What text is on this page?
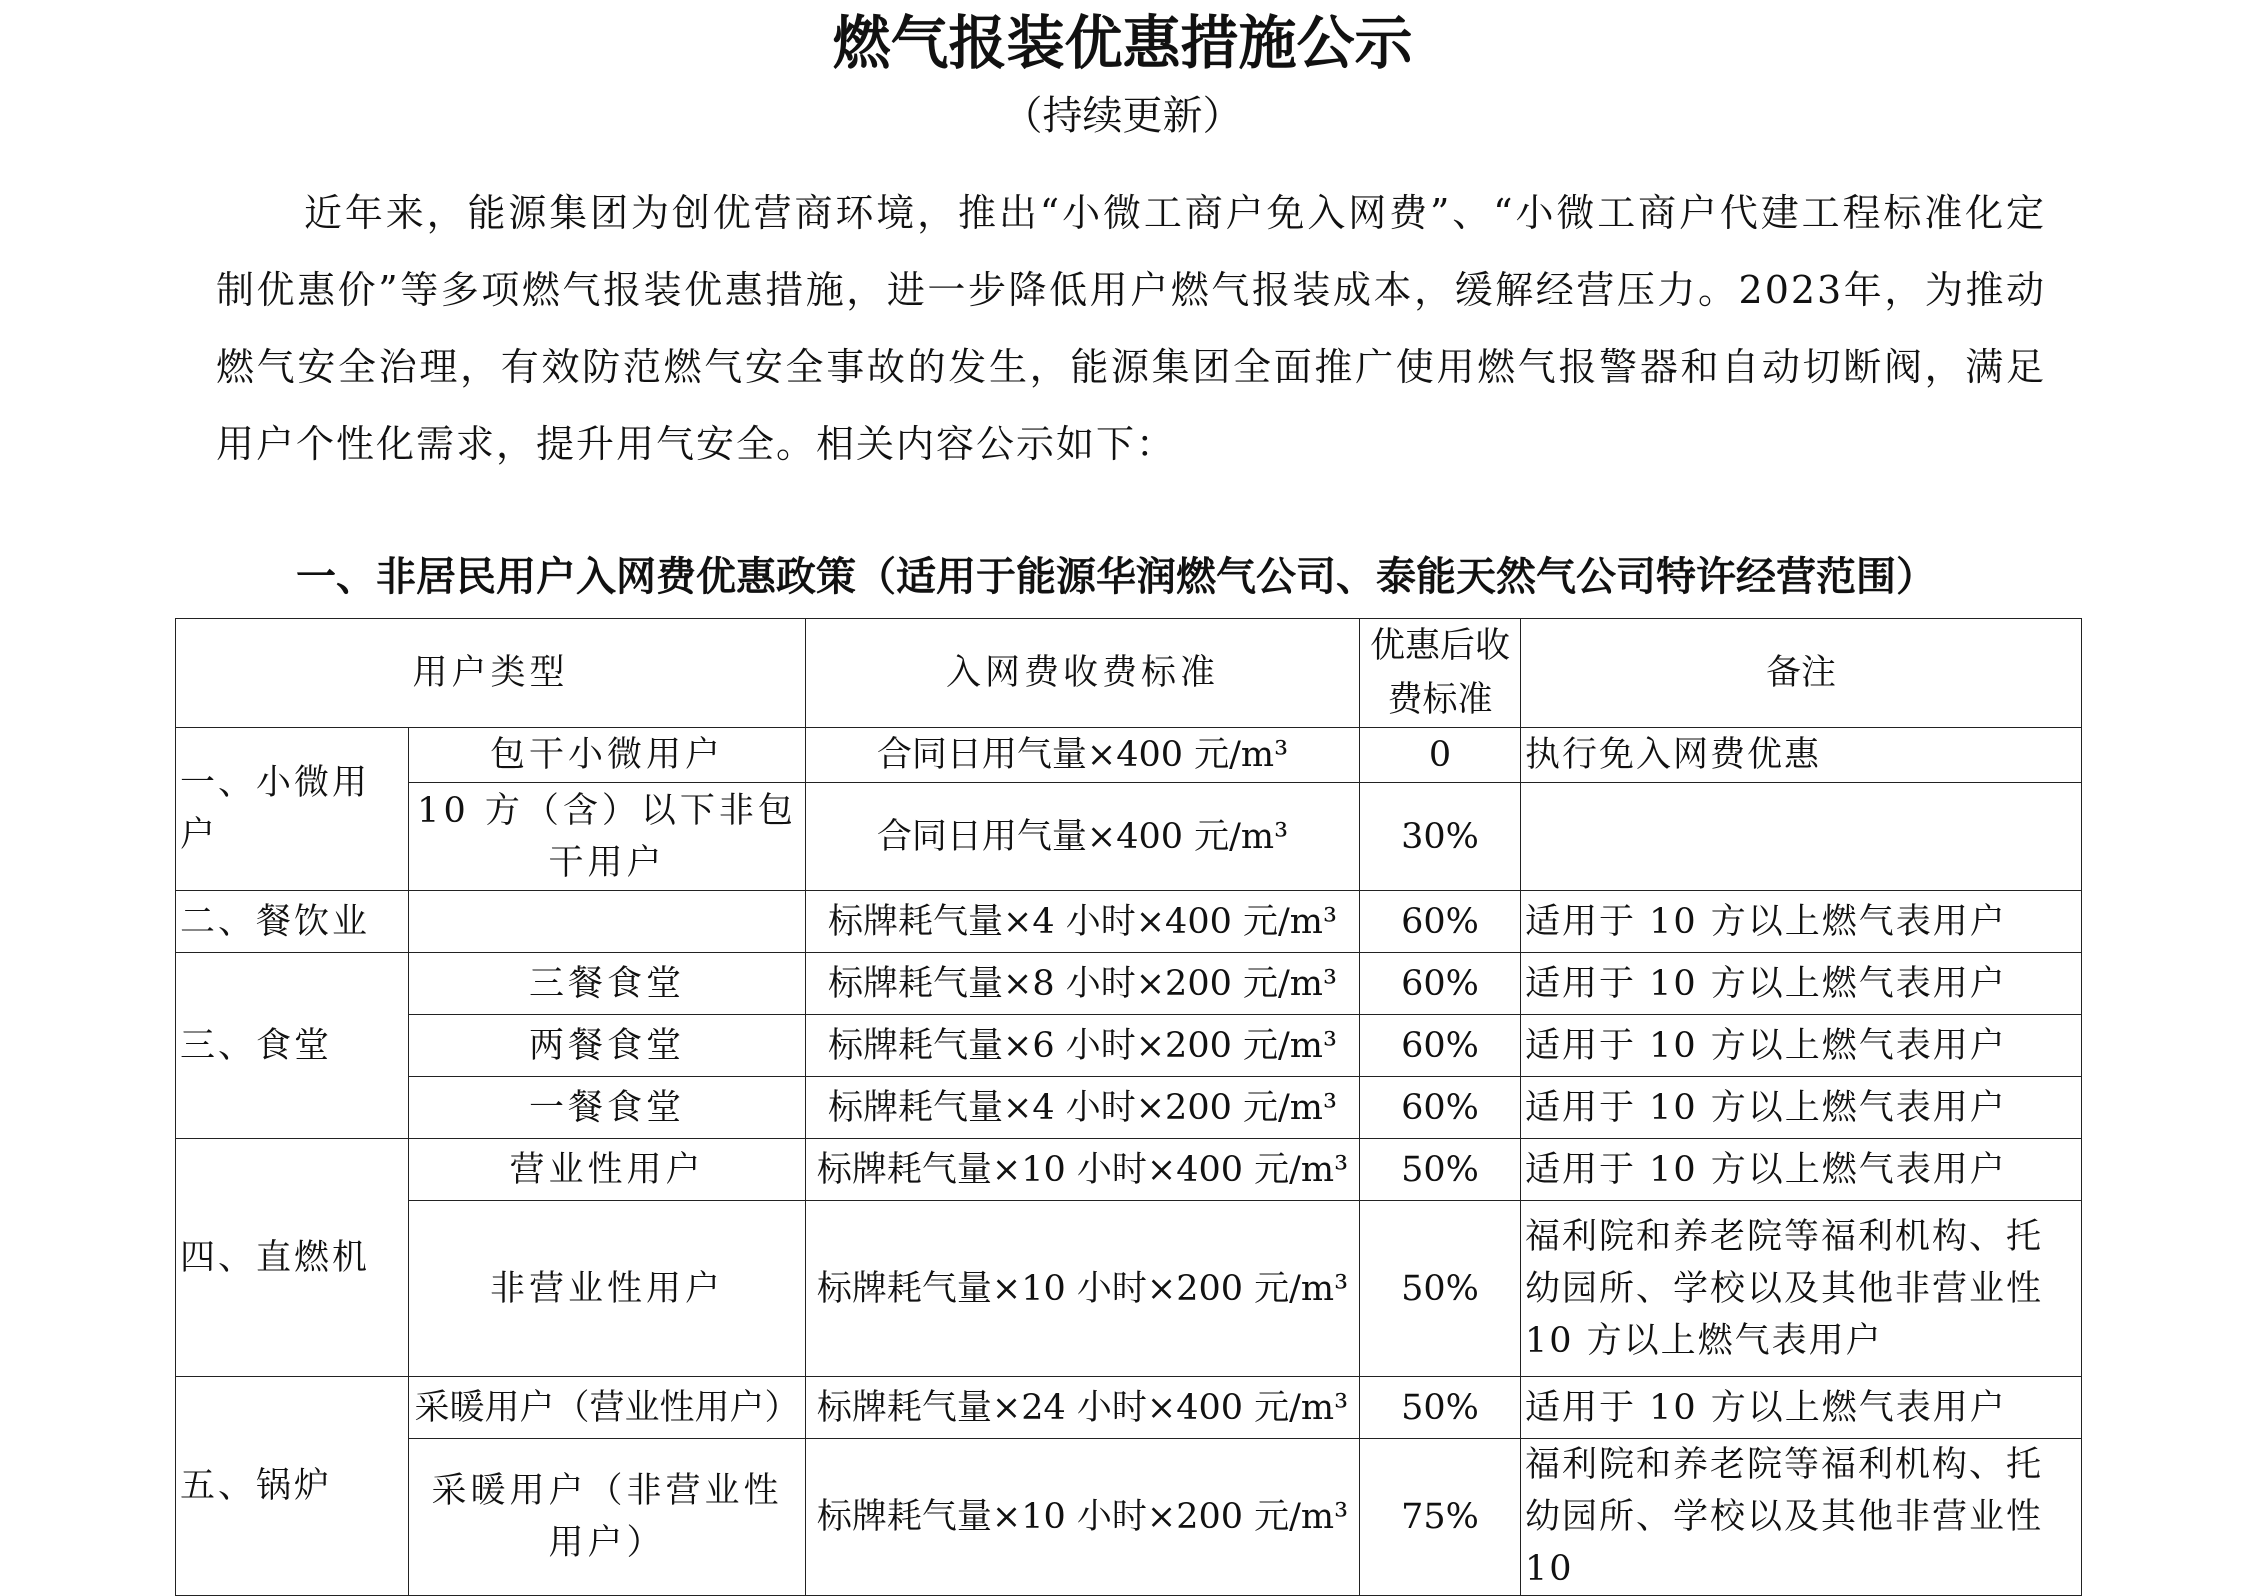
燃气报装优惠措施公示
（持续更新）

近年来，能源集团为创优营商环境，推出“小微工商户免入网费”、“小微工商户代建工程标准化定制优惠价”等多项燃气报装优惠措施，进一步降低用户燃气报装成本，缓解经营压力。2023年，为推动燃气安全治理，有效防范燃气安全事故的发生，能源集团全面推广使用燃气报警器和自动切断阀，满足用户个性化需求，提升用气安全。相关内容公示如下：

一、非居民用户入网费优惠政策（适用于能源华润燃气公司、泰能天然气公司特许经营范围）
用户类型		入网费收费标准	优惠后收费标准	备注
一、小微用户	包干小微用户	合同日用气量×400 元/m³	0	执行免入网费优惠
	10 方（含）以下非包干用户	合同日用气量×400 元/m³	30%	
二、餐饮业		标牌耗气量×4 小时×400 元/m³	60%	适用于 10 方以上燃气表用户
三、食堂	三餐食堂	标牌耗气量×8 小时×200 元/m³	60%	适用于 10 方以上燃气表用户
	两餐食堂	标牌耗气量×6 小时×200 元/m³	60%	适用于 10 方以上燃气表用户
	一餐食堂	标牌耗气量×4 小时×200 元/m³	60%	适用于 10 方以上燃气表用户
四、直燃机	营业性用户	标牌耗气量×10 小时×400 元/m³	50%	适用于 10 方以上燃气表用户
	非营业性用户	标牌耗气量×10 小时×200 元/m³	50%	福利院和养老院等福利机构、托幼园所、学校以及其他非营业性 10 方以上燃气表用户
五、锅炉	采暖用户（营业性用户）	标牌耗气量×24 小时×400 元/m³	50%	适用于 10 方以上燃气表用户
	采暖用户（非营业性用户）	标牌耗气量×10 小时×200 元/m³	75%	福利院和养老院等福利机构、托幼园所、学校以及其他非营业性 10
